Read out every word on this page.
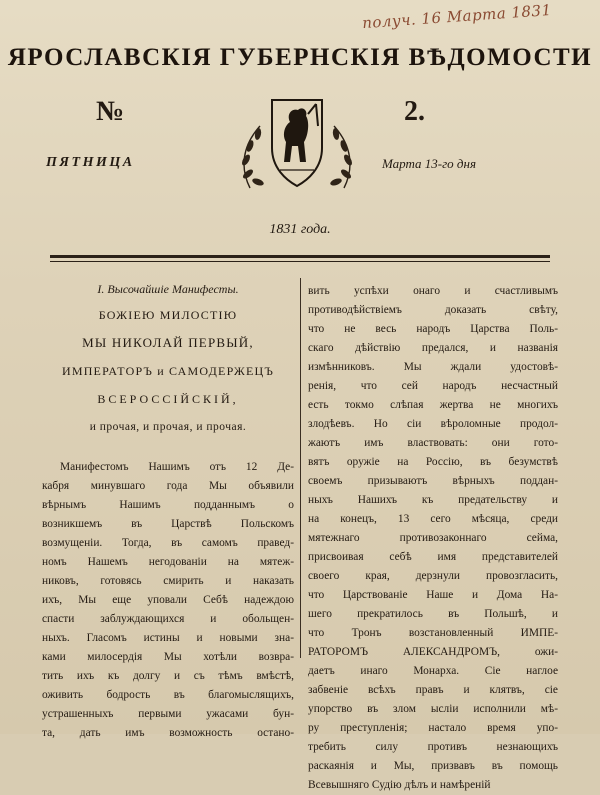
получ. 16 Марта 1831
ЯРОСЛАВСКІЯ ГУБЕРНСКІЯ ВѢДОМОСТИ
№	2.
ПЯТНИЦА	Марта 13-го дня
1831 года.
І. Высочайшіе Манифесты.
БОЖІЕЮ МИЛОСТІЮ
МЫ НИКОЛАЙ ПЕРВЫЙ,
ИМПЕРАТОРЪ и САМОДЕРЖЕЦЪ
ВСЕРОССІЙСКІЙ,
и прочая, и прочая, и прочая.
Манифестомъ Нашимъ отъ 12 Де-
кабря минувшаго года Мы объявили
вѣрнымъ Нашимъ подданнымъ о
возникшемъ въ Царствѣ Польскомъ
возмущеніи. Тогда, въ самомъ правед-
номъ Нашемъ негодованіи на мятеж-
никовъ, готовясь смирить и наказать
ихъ, Мы еще уповали Себѣ надеждою
спасти заблуждающихся и обольщен-
ныхъ. Гласомъ истины и новыми зна-
ками милосердія Мы хотѣли возвра-
тить ихъ къ долгу и съ тѣмъ вмѣстѣ,
оживить бодрость въ благомыслящихъ,
устрашенныхъ первыми ужасами бун-
та, дать имъ возможность остано-
вить успѣхи онаго и счастливымъ
противодѣйствіемъ доказать свѣту,
что не весь народъ Царства Поль-
скаго дѣйствію предался, и названія
измѣнниковъ. Мы ждали удостовѣ-
ренія, что сей народъ несчастный
есть токмо слѣпая жертва не многихъ
злодѣевъ. Но сіи вѣроломные продол-
жаютъ имъ властвовать: они гото-
вятъ оружіе на Россію, въ безумствѣ
своемъ призываютъ вѣрныхъ поддан-
ныхъ Нашихъ къ предательству и
на конецъ, 13 сего мѣсяца, среди
мятежнаго противозаконнаго сейма,
присвоивая себѣ имя представителей
своего края, дерзнули провозгласить,
что Царствованіе Наше и Дома На-
шего прекратилось въ Польшѣ, и
что Тронъ возстановленный ИМПЕ-
РАТОРОМЪ АЛЕКСАНДРОМЪ, ожи-
даетъ инаго Монарха. Сіе наглое
забвеніе всѣхъ правъ и клятвъ, сіе
упорство въ злом ысліи исполнили мѣ-
ру преступленія; настало время упо-
требить силу противъ незнающихъ
раскаянія и Мы, призвавъ въ помощь
Всевышняго Судію дѣлъ и намѣреній
